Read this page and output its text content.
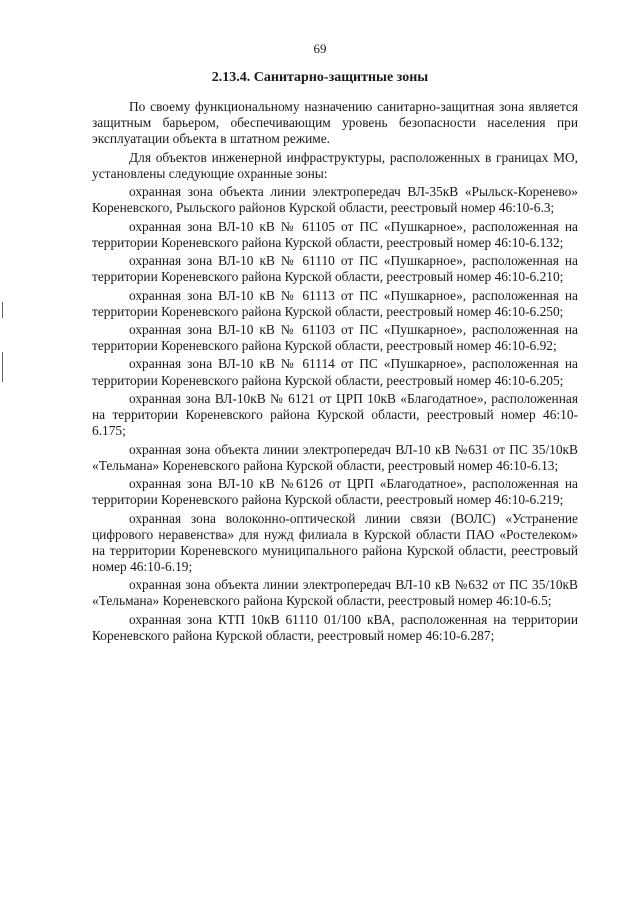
69
2.13.4. Санитарно-защитные зоны

По своему функциональному назначению санитарно-защитная зона является защитным барьером, обеспечивающим уровень безопасности населения при эксплуатации объекта в штатном режиме.

Для объектов инженерной инфраструктуры, расположенных в границах МО, установлены следующие охранные зоны:

охранная зона объекта линии электропередач ВЛ-35кВ «Рыльск-Коренево» Кореневского, Рыльского районов Курской области, реестровый номер 46:10-6.3;

охранная зона ВЛ-10 кВ № 61105 от ПС «Пушкарное», расположенная на территории Кореневского района Курской области, реестровый номер 46:10-6.132;

охранная зона ВЛ-10 кВ № 61110 от ПС «Пушкарное», расположенная на территории Кореневского района Курской области, реестровый номер 46:10-6.210;

охранная зона ВЛ-10 кВ № 61113 от ПС «Пушкарное», расположенная на территории Кореневского района Курской области, реестровый номер 46:10-6.250;

охранная зона ВЛ-10 кВ № 61103 от ПС «Пушкарное», расположенная на территории Кореневского района Курской области, реестровый номер 46:10-6.92;

охранная зона ВЛ-10 кВ № 61114 от ПС «Пушкарное», расположенная на территории Кореневского района Курской области, реестровый номер 46:10-6.205;

охранная зона ВЛ-10кВ № 6121 от ЦРП 10кВ «Благодатное», расположенная на территории Кореневского района Курской области, реестровый номер 46:10-6.175;

охранная зона объекта линии электропередач ВЛ-10 кВ №631 от ПС 35/10кВ «Тельмана» Кореневского района Курской области, реестровый номер 46:10-6.13;

охранная зона ВЛ-10 кВ №6126 от ЦРП «Благодатное», расположенная на территории Кореневского района Курской области, реестровый номер 46:10-6.219;

охранная зона волоконно-оптической линии связи (ВОЛС) «Устранение цифрового неравенства» для нужд филиала в Курской области ПАО «Ростелеком» на территории Кореневского муниципального района Курской области, реестровый номер 46:10-6.19;

охранная зона объекта линии электропередач ВЛ-10 кВ №632 от ПС 35/10кВ «Тельмана» Кореневского района Курской области, реестровый номер 46:10-6.5;

охранная зона КТП 10кВ 61110 01/100 кВА, расположенная на территории Кореневского района Курской области, реестровый номер 46:10-6.287;
